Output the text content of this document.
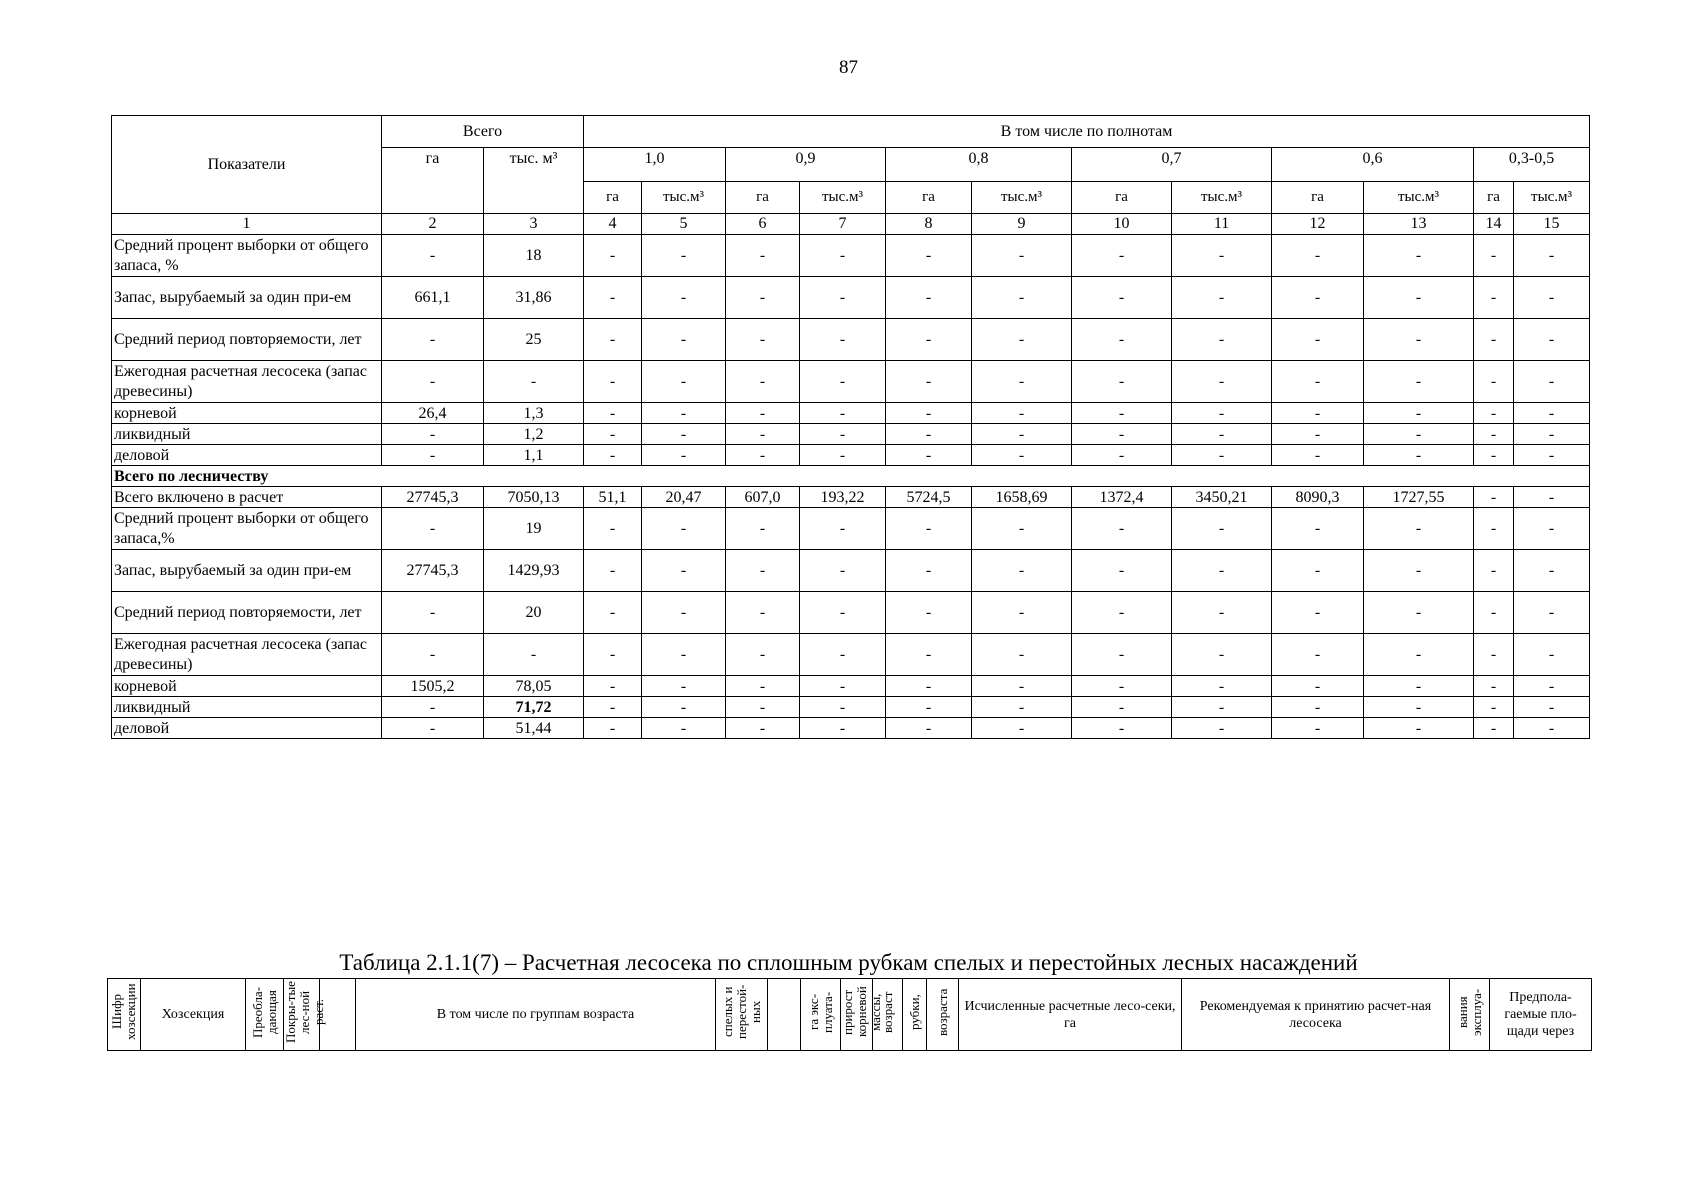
87
Показатели	Всего		В том числе по полнотам											
	га	тыс. м³	1,0		0,9		0,8		0,7		0,6		0,3-0,5	
			га	тыс.м³	га	тыс.м³	га	тыс.м³	га	тыс.м³	га	тыс.м³	га	тыс.м³
1	2	3	4	5	6	7	8	9	10	11	12	13	14	15
Средний процент выборки от общего запаса, %	-	18	-	-	-	-	-	-	-	-	-	-	-	-
Запас, вырубаемый за один при-ем	661,1	31,86	-	-	-	-	-	-	-	-	-	-	-	-
Средний период повторяемости, лет	-	25	-	-	-	-	-	-	-	-	-	-	-	-
Ежегодная расчетная лесосека (запас древесины)	-	-	-	-	-	-	-	-	-	-	-	-	-	-
корневой	26,4	1,3	-	-	-	-	-	-	-	-	-	-	-	-
ликвидный	-	1,2	-	-	-	-	-	-	-	-	-	-	-	-
деловой	-	1,1	-	-	-	-	-	-	-	-	-	-	-	-
Всего по лесничеству														
Всего включено в расчет	27745,3	7050,13	51,1	20,47	607,0	193,22	5724,5	1658,69	1372,4	3450,21	8090,3	1727,55	-	-
Средний процент выборки от общего запаса,%	-	19	-	-	-	-	-	-	-	-	-	-	-	-
Запас, вырубаемый за один при-ем	27745,3	1429,93	-	-	-	-	-	-	-	-	-	-	-	-
Средний период повторяемости, лет	-	20	-	-	-	-	-	-	-	-	-	-	-	-
Ежегодная расчетная лесосека (запас древесины)	-	-	-	-	-	-	-	-	-	-	-	-	-	-
корневой	1505,2	78,05	-	-	-	-	-	-	-	-	-	-	-	-
ликвидный	-	71,72	-	-	-	-	-	-	-	-	-	-	-	-
деловой	-	51,44	-	-	-	-	-	-	-	-	-	-	-	-
Таблица 2.1.1(7) – Расчетная лесосека по сплошным рубкам спелых и перестойных лесных насаждений
Шифр хозсекции	Хозсекция	Преобла-дающая	Покры-тые лес-ной раст.		В том числе по группам возраста	спелых и перестой-ных		га экс-плуата-	прирост корневой массы,	возраст	рубки,	возраста	Исчисленные расчетные лесо-секи, га	Рекомендуемая к принятию расчет-ная лесосека	вания эксплуа-	Предпола-гаемые пло-щади через
